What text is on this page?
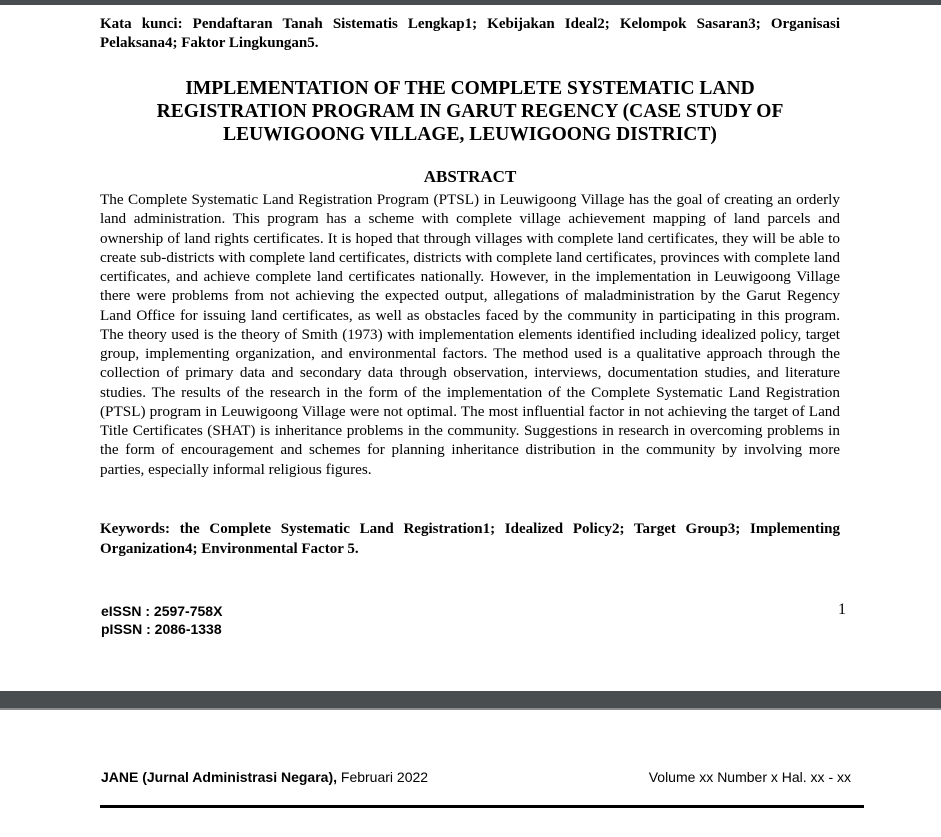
Kata kunci: Pendaftaran Tanah Sistematis Lengkap1; Kebijakan Ideal2; Kelompok Sasaran3; Organisasi Pelaksana4; Faktor Lingkungan5.
IMPLEMENTATION OF THE COMPLETE SYSTEMATIC LAND
REGISTRATION PROGRAM IN GARUT REGENCY (CASE STUDY OF
LEUWIGOONG VILLAGE, LEUWIGOONG DISTRICT)
ABSTRACT
The Complete Systematic Land Registration Program (PTSL) in Leuwigoong Village has the goal of creating an orderly land administration. This program has a scheme with complete village achievement mapping of land parcels and ownership of land rights certificates. It is hoped that through villages with complete land certificates, they will be able to create sub-districts with complete land certificates, districts with complete land certificates, provinces with complete land certificates, and achieve complete land certificates nationally. However, in the implementation in Leuwigoong Village there were problems from not achieving the expected output, allegations of maladministration by the Garut Regency Land Office for issuing land certificates, as well as obstacles faced by the community in participating in this program. The theory used is the theory of Smith (1973) with implementation elements identified including idealized policy, target group, implementing organization, and environmental factors. The method used is a qualitative approach through the collection of primary data and secondary data through observation, interviews, documentation studies, and literature studies. The results of the research in the form of the implementation of the Complete Systematic Land Registration (PTSL) program in Leuwigoong Village were not optimal. The most influential factor in not achieving the target of Land Title Certificates (SHAT) is inheritance problems in the community. Suggestions in research in overcoming problems in the form of encouragement and schemes for planning inheritance distribution in the community by involving more parties, especially informal religious figures.
Keywords: the Complete Systematic Land Registration1; Idealized Policy2; Target Group3; Implementing Organization4; Environmental Factor 5.
eISSN : 2597-758X
pISSN : 2086-1338
1
JANE (Jurnal Administrasi Negara), Februari 2022	Volume xx Number x Hal. xx - xx
